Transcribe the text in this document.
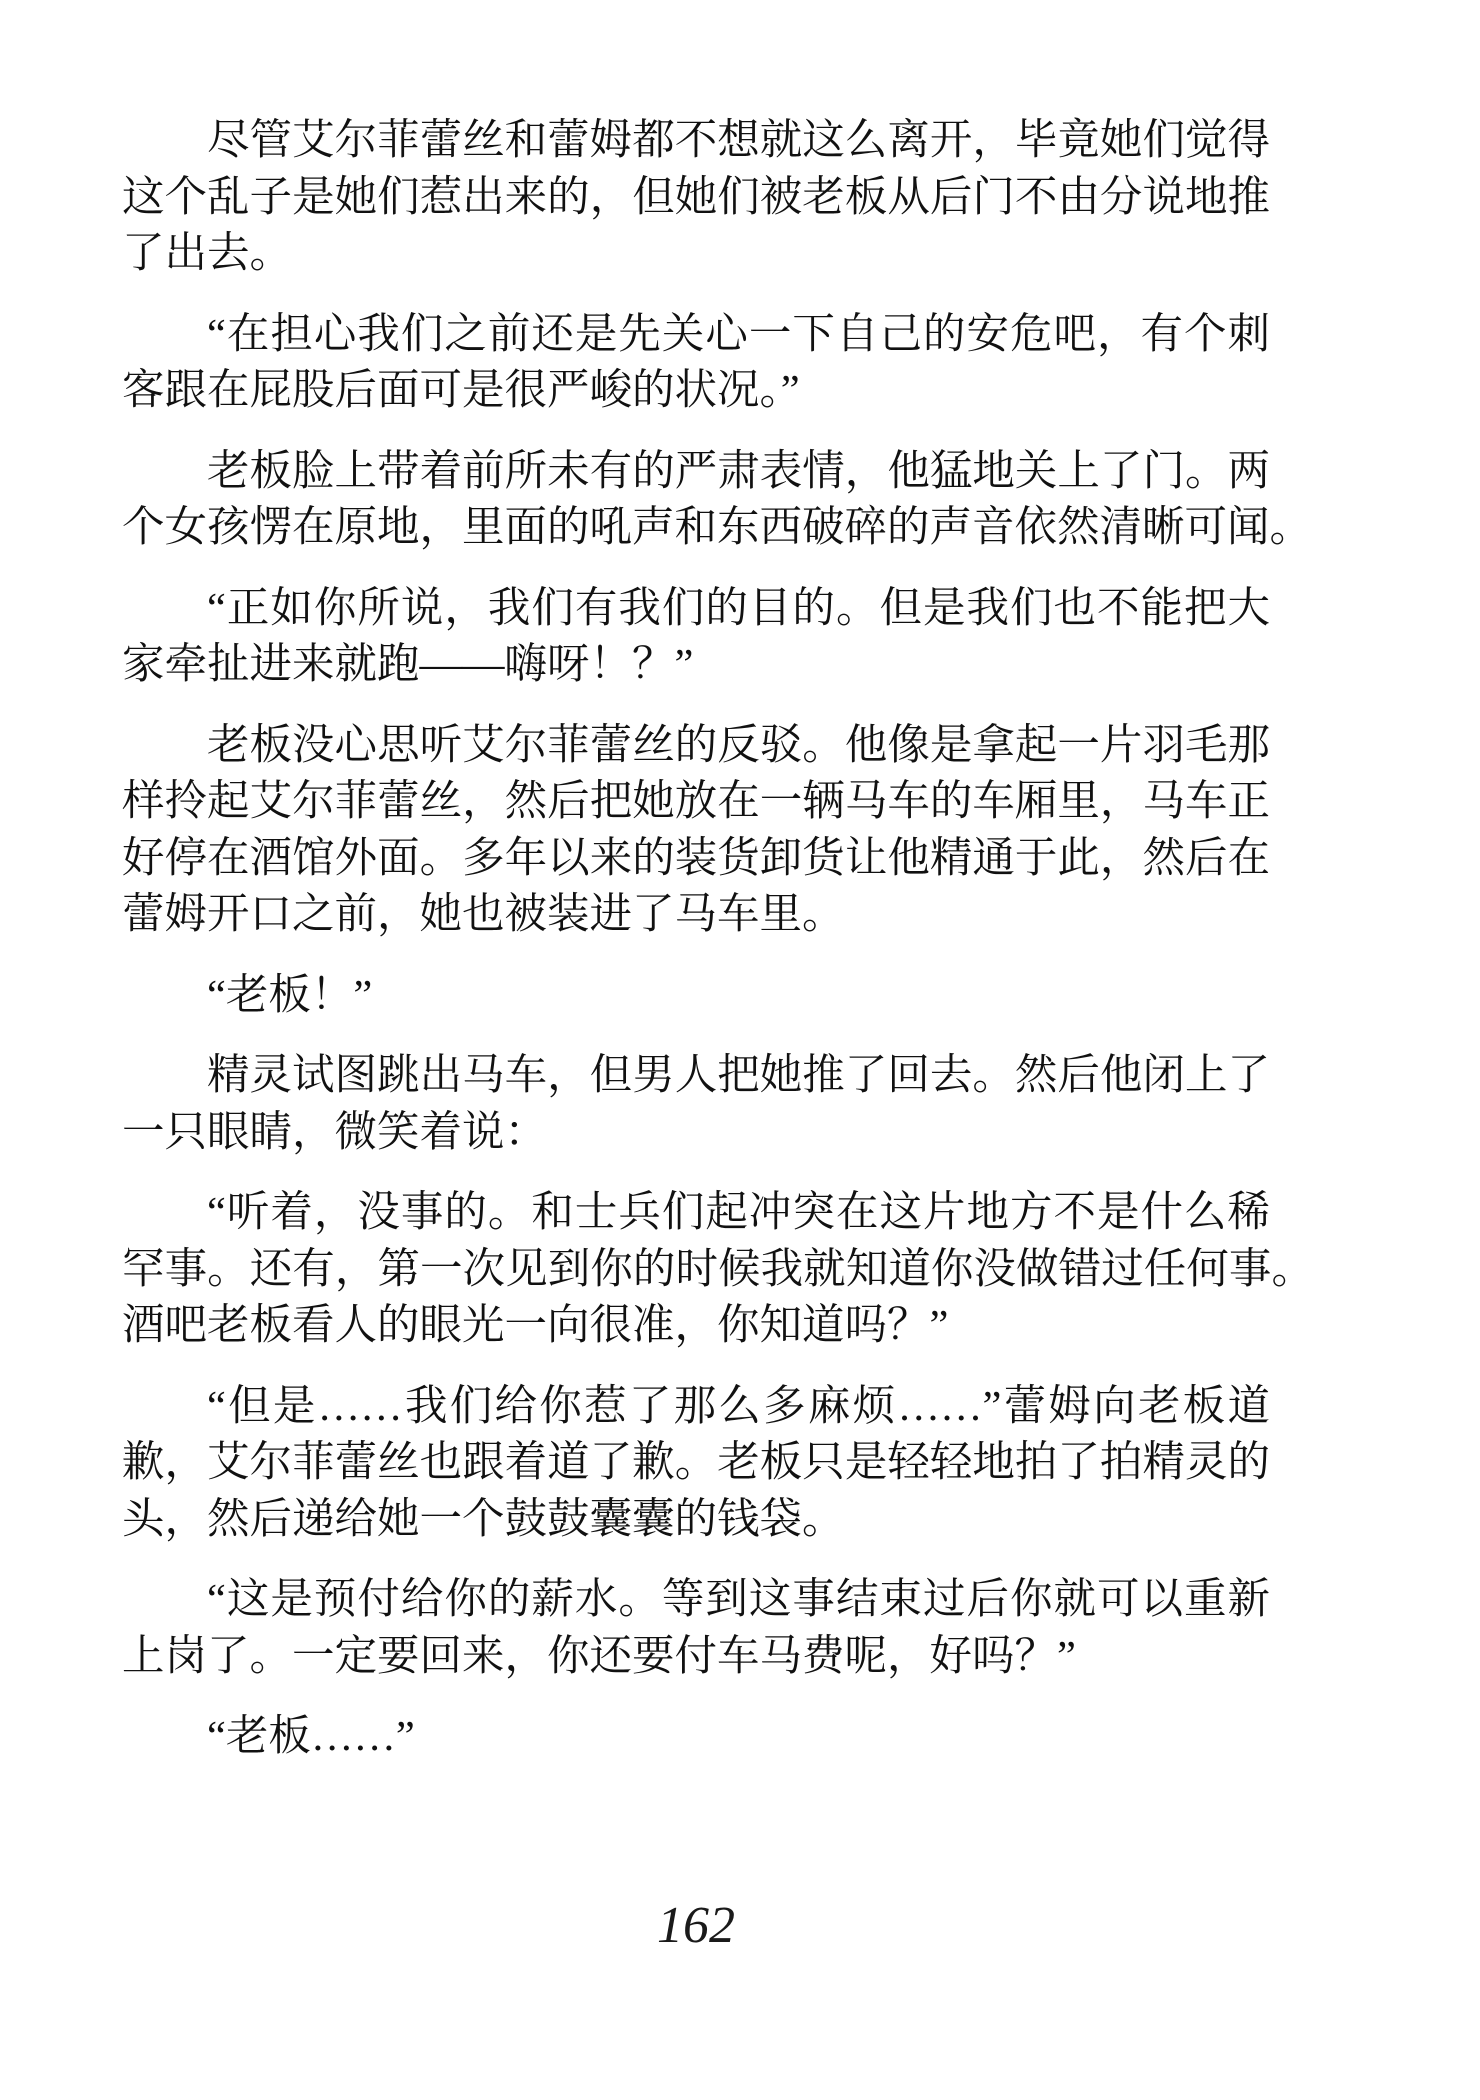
尽管艾尔菲蕾丝和蕾姆都不想就这么离开，毕竟她们觉得
这个乱子是她们惹出来的，但她们被老板从后门不由分说地推
了出去。
“在担心我们之前还是先关心一下自己的安危吧，有个刺
客跟在屁股后面可是很严峻的状况。”
老板脸上带着前所未有的严肃表情，他猛地关上了门。两
个女孩愣在原地，里面的吼声和东西破碎的声音依然清晰可闻。
“正如你所说，我们有我们的目的。但是我们也不能把大
家牵扯进来就跑——嗨呀！？”
老板没心思听艾尔菲蕾丝的反驳。他像是拿起一片羽毛那
样拎起艾尔菲蕾丝，然后把她放在一辆马车的车厢里，马车正
好停在酒馆外面。多年以来的装货卸货让他精通于此，然后在
蕾姆开口之前，她也被装进了马车里。
“老板！”
精灵试图跳出马车，但男人把她推了回去。然后他闭上了
一只眼睛，微笑着说：
“听着，没事的。和士兵们起冲突在这片地方不是什么稀
罕事。还有，第一次见到你的时候我就知道你没做错过任何事。
酒吧老板看人的眼光一向很准，你知道吗？”
“但是……我们给你惹了那么多麻烦……”蕾姆向老板道
歉，艾尔菲蕾丝也跟着道了歉。老板只是轻轻地拍了拍精灵的
头，然后递给她一个鼓鼓囊囊的钱袋。
“这是预付给你的薪水。等到这事结束过后你就可以重新
上岗了。一定要回来，你还要付车马费呢，好吗？”
“老板……”
162
